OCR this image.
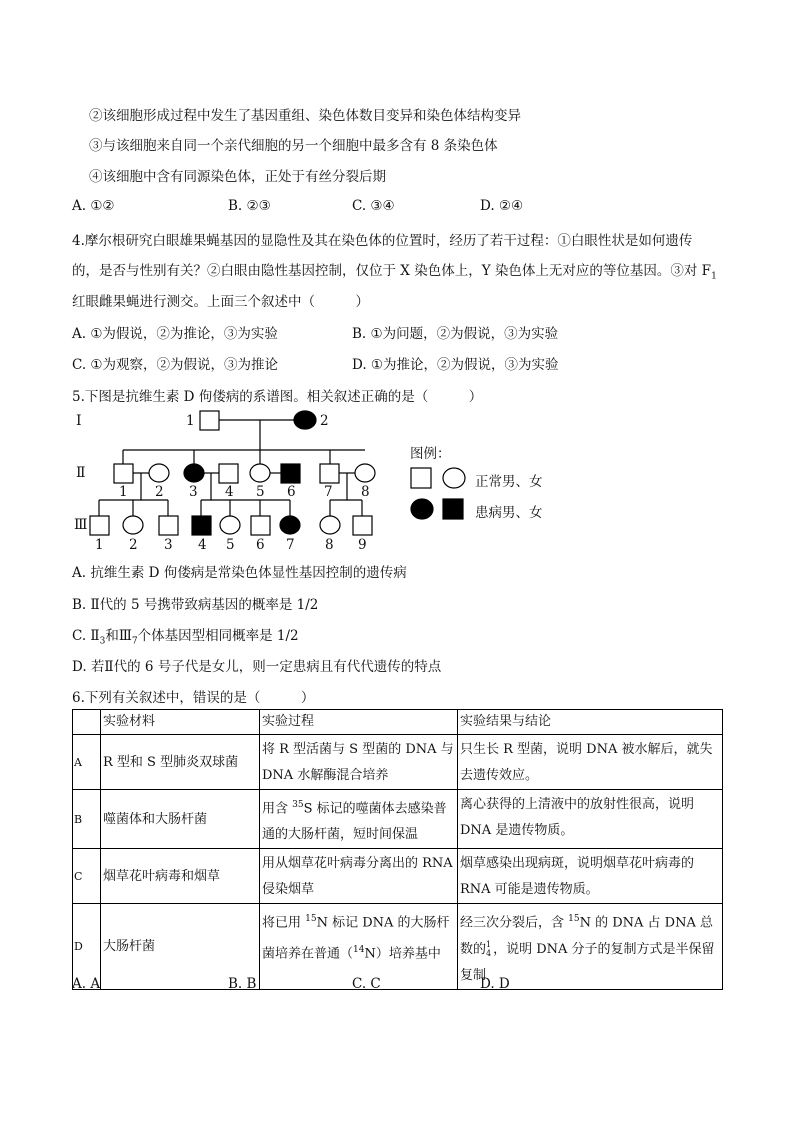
②该细胞形成过程中发生了基因重组、染色体数目变异和染色体结构变异
③与该细胞来自同一个亲代细胞的另一个细胞中最多含有 8 条染色体
④该细胞中含有同源染色体，正处于有丝分裂后期
A. ①②	B. ②③	C. ③④	D. ②④
4.摩尔根研究白眼雄果蝇基因的显隐性及其在染色体的位置时，经历了若干过程：①白眼性状是如何遗传
的，是否与性别有关？②白眼由隐性基因控制，仅位于 X 染色体上，Y 染色体上无对应的等位基因。③对 $F_1$
红眼雌果蝇进行测交。上面三个叙述中（　　　）
A. ①为假说，②为推论，③为实验	B. ①为问题，②为假说，③为实验
C. ①为观察，②为假说，③为推论	D. ①为推论，②为假说，③为实验
5.下图是抗维生素 D 佝偻病的系谱图。相关叙述正确的是（　　　）
Ⅰ
Ⅱ
Ⅲ
1	2
1 2 3 4 5 6 7 8
1 2 3 4 5 6 7 8 9
图例：
正常男、女
患病男、女
A. 抗维生素 D 佝偻病是常染色体显性基因控制的遗传病
B. Ⅱ代的 5 号携带致病基因的概率是 1/2
C. $Ⅱ_3$和$Ⅲ_7$个体基因型相同概率是 1/2
D. 若Ⅱ代的 6 号子代是女儿，则一定患病且有代代遗传的特点
6.下列有关叙述中，错误的是（　　　）
	实验材料	实验过程	实验结果与结论
A	R 型和 S 型肺炎双球菌	将 R 型活菌与 S 型菌的 DNA 与 DNA 水解酶混合培养	只生长 R 型菌，说明 DNA 被水解后，就失去遗传效应。
B	噬菌体和大肠杆菌	用含 $^{35}$S 标记的噬菌体去感染普通的大肠杆菌，短时间保温	离心获得的上清液中的放射性很高，说明 DNA 是遗传物质。
C	烟草花叶病毒和烟草	用从烟草花叶病毒分离出的 RNA 侵染烟草	烟草感染出现病斑，说明烟草花叶病毒的 RNA 可能是遗传物质。
D	大肠杆菌	将已用 $^{15}$N 标记 DNA 的大肠杆菌培养在普通（$^{14}$N）培养基中	经三次分裂后，含 $^{15}$N 的 DNA 占 DNA 总数的 1
4 ，说明 DNA 分子的复制方式是半保留复制
A. A	B. B	C. C	D. D
